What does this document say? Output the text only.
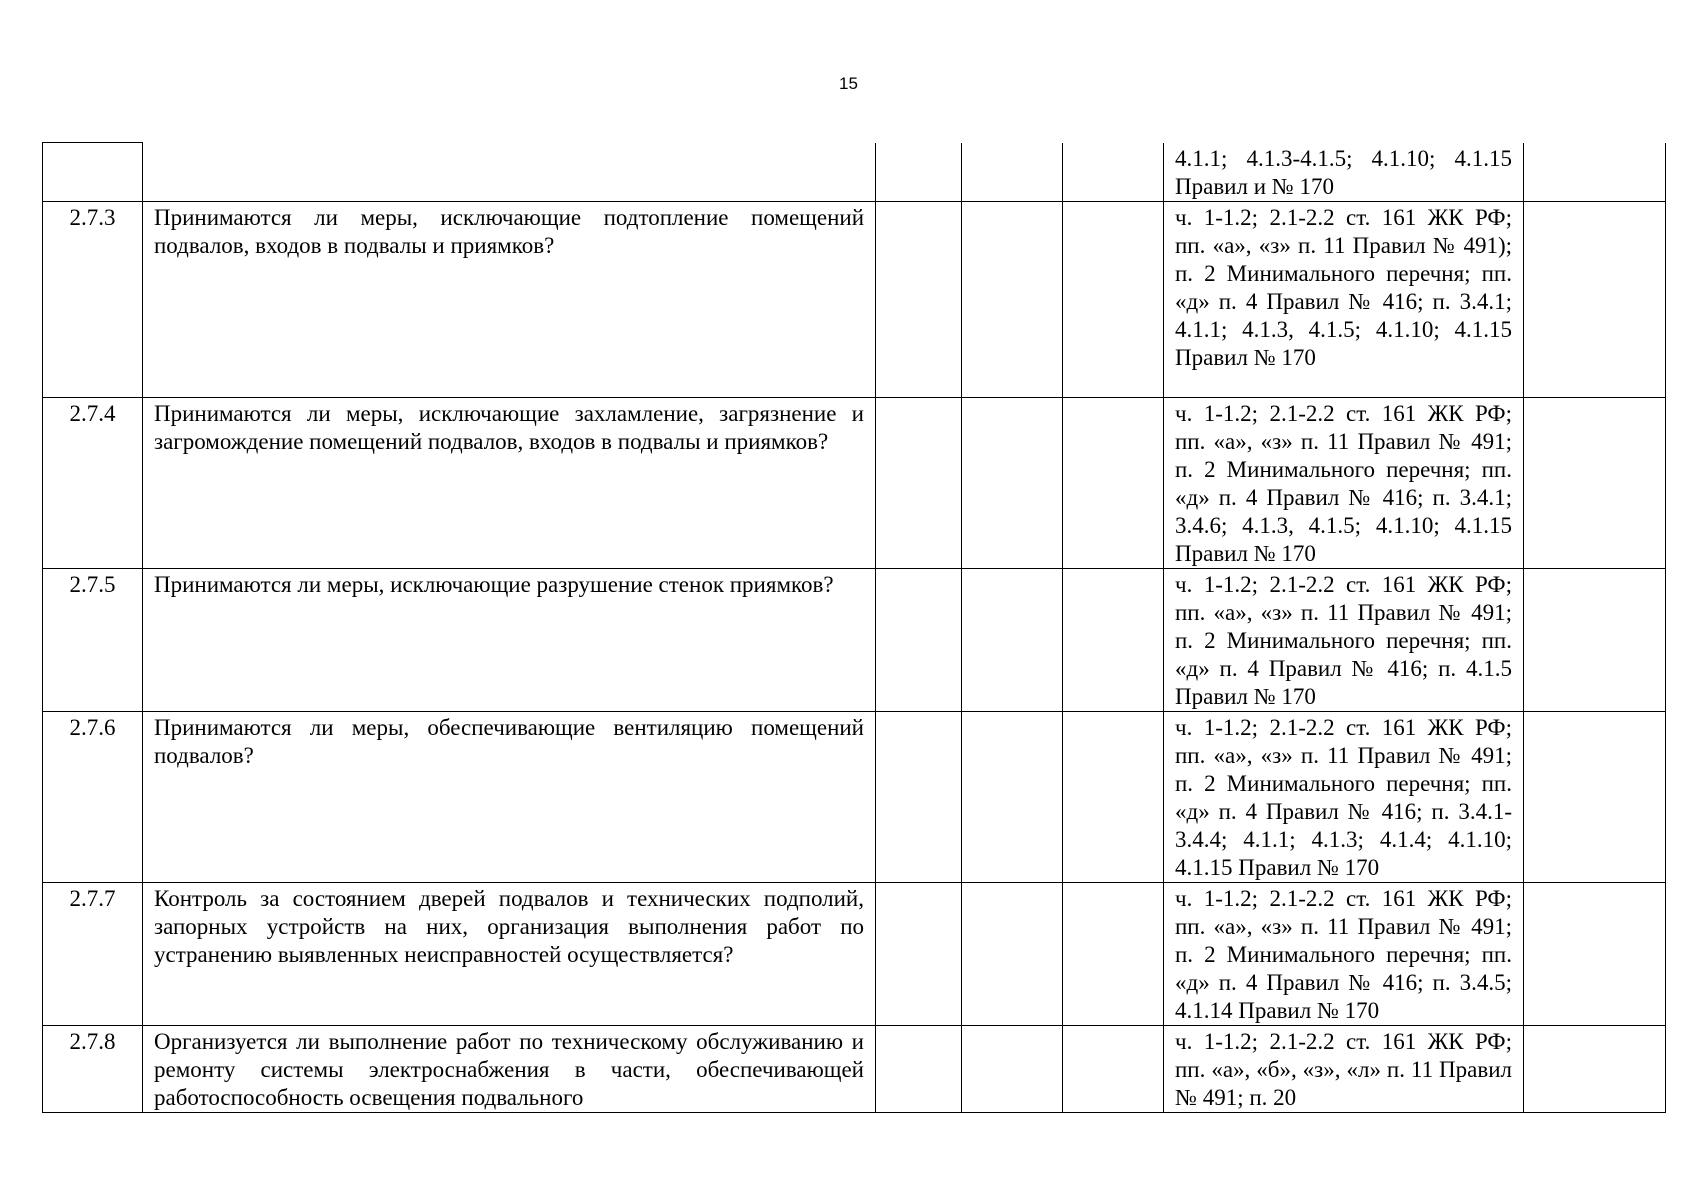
15
					4.1.1; 4.1.3-4.1.5; 4.1.10; 4.1.15 Правил и № 170	
2.7.3	Принимаются ли меры, исключающие подтопление помещений подвалов, входов в подвалы и приямков?				ч. 1-1.2; 2.1-2.2 ст. 161 ЖК РФ; пп. «а», «з» п. 11 Правил № 491); п. 2 Минимального перечня; пп. «д» п. 4 Правил № 416; п. 3.4.1; 4.1.1; 4.1.3, 4.1.5; 4.1.10; 4.1.15 Правил № 170	
2.7.4	Принимаются ли меры, исключающие захламление, загрязнение и загромождение помещений подвалов, входов в подвалы и приямков?				ч. 1-1.2; 2.1-2.2 ст. 161 ЖК РФ; пп. «а», «з» п. 11 Правил № 491; п. 2 Минимального перечня; пп. «д» п. 4 Правил № 416; п. 3.4.1; 3.4.6; 4.1.3, 4.1.5; 4.1.10; 4.1.15 Правил № 170	
2.7.5	Принимаются ли меры, исключающие разрушение стенок приямков?				ч. 1-1.2; 2.1-2.2 ст. 161 ЖК РФ; пп. «а», «з» п. 11 Правил № 491; п. 2 Минимального перечня; пп. «д» п. 4 Правил № 416; п. 4.1.5 Правил № 170	
2.7.6	Принимаются ли меры, обеспечивающие вентиляцию помещений подвалов?				ч. 1-1.2; 2.1-2.2 ст. 161 ЖК РФ; пп. «а», «з» п. 11 Правил № 491; п. 2 Минимального перечня; пп. «д» п. 4 Правил № 416; п. 3.4.1-3.4.4; 4.1.1; 4.1.3; 4.1.4; 4.1.10; 4.1.15 Правил № 170	
2.7.7	Контроль за состоянием дверей подвалов и технических подполий, запорных устройств на них, организация выполнения работ по устранению выявленных неисправностей осуществляется?				ч. 1-1.2; 2.1-2.2 ст. 161 ЖК РФ; пп. «а», «з» п. 11 Правил № 491; п. 2 Минимального перечня; пп. «д» п. 4 Правил № 416; п. 3.4.5; 4.1.14 Правил № 170	
2.7.8	Организуется ли выполнение работ по техническому обслуживанию и ремонту системы электроснабжения в части, обеспечивающей работоспособность освещения подвального				ч. 1-1.2; 2.1-2.2 ст. 161 ЖК РФ; пп. «а», «б», «з», «л» п. 11 Правил № 491; п. 20	
